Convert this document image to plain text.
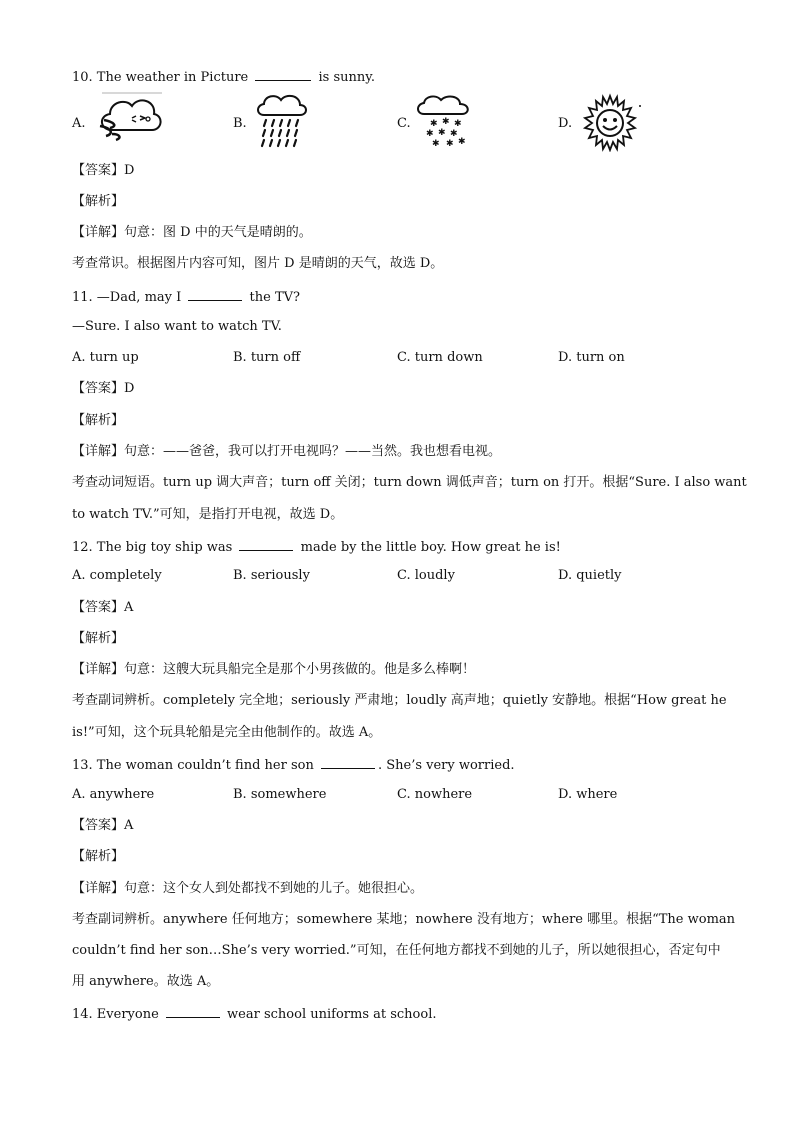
10. The weather in Picture	is sunny.
A.	B.	C. ✱ ✱ ✱
✱ ✱ ✱
✱ ✱ ✱
D.
【答案】D
【解析】
【详解】句意：图 D 中的天气是晴朗的。
考查常识。根据图片内容可知，图片 D 是晴朗的天气，故选 D。
11. —Dad, may I	the TV?
—Sure. I also want to watch TV.
A. turn up	B. turn off	C. turn down	D. turn on
【答案】D
【解析】
【详解】句意：——爸爸，我可以打开电视吗？——当然。我也想看电视。
考查动词短语。turn up 调大声音；turn off 关闭；turn down 调低声音；turn on 打开。根据“Sure. I also want
to watch TV.”可知，是指打开电视，故选 D。
12. The big toy ship was	made by the little boy. How great he is!
A. completely	B. seriously	C. loudly	D. quietly
【答案】A
【解析】
【详解】句意：这艘大玩具船完全是那个小男孩做的。他是多么棒啊！
考查副词辨析。completely 完全地；seriously 严肃地；loudly 高声地；quietly 安静地。根据“How great he
is!”可知，这个玩具轮船是完全由他制作的。故选 A。
13. The woman couldn’t find her son	. She’s very worried.
A. anywhere	B. somewhere	C. nowhere	D. where
【答案】A
【解析】
【详解】句意：这个女人到处都找不到她的儿子。她很担心。
考查副词辨析。anywhere 任何地方；somewhere 某地；nowhere 没有地方；where 哪里。根据“The woman
couldn’t find her son…She’s very worried.”可知，在任何地方都找不到她的儿子，所以她很担心，否定句中
用 anywhere。故选 A。
14. Everyone	wear school uniforms at school.
